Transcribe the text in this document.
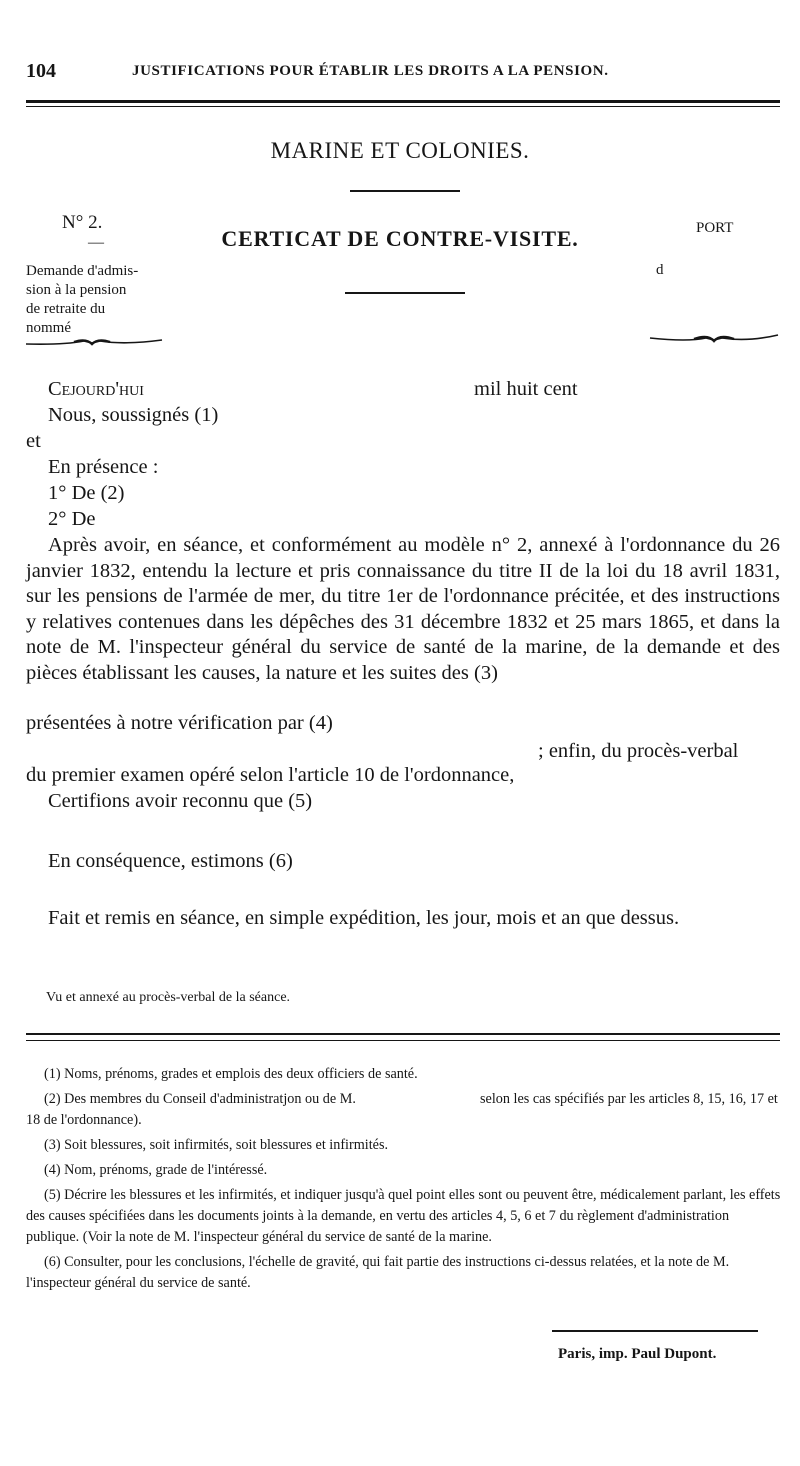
104	JUSTIFICATIONS POUR ÉTABLIR LES DROITS A LA PENSION.
MARINE ET COLONIES.
CERTICAT DE CONTRE-VISITE.
N° 2.
—
Demande d'admis-
sion à la pension
de retraite du
nommé
PORT
d
Cejourd'hui	mil huit cent
Nous, soussignés (1)
et
En présence :
1° De (2)
2° De

Après avoir, en séance, et conformément au modèle n° 2, annexé à l'ordonnance du 26 janvier 1832, entendu la lecture et pris connaissance du titre II de la loi du 18 avril 1831, sur les pensions de l'armée de mer, du titre 1er de l'ordonnance précitée, et des instructions y relatives contenues dans les dépêches des 31 décembre 1832 et 25 mars 1865, et dans la note de M. l'inspecteur général du service de santé de la marine, de la demande et des pièces établissant les causes, la nature et les suites des (3)

présentées à notre vérification par (4)
; enfin, du procès-verbal
du premier examen opéré selon l'article 10 de l'ordonnance,
Certifions avoir reconnu que (5)
En conséquence, estimons (6)

Fait et remis en séance, en simple expédition, les jour, mois et an que dessus.

Vu et annexé au procès-verbal de la séance.

(1) Noms, prénoms, grades et emplois des deux officiers de santé.

(2) Des membres du Conseil d'administratjon ou de M.                                   selon les cas spécifiés par les articles 8, 15, 16, 17 et 18 de l'ordonnance).

(3) Soit blessures, soit infirmités, soit blessures et infirmités.

(4) Nom, prénoms, grade de l'intéressé.

(5) Décrire les blessures et les infirmités, et indiquer jusqu'à quel point elles sont ou peuvent être, médicalement parlant, les effets des causes spécifiées dans les documents joints à la demande, en vertu des articles 4, 5, 6 et 7 du règlement d'administration publique. (Voir la note de M. l'inspecteur général du service de santé de la marine.

(6) Consulter, pour les conclusions, l'échelle de gravité, qui fait partie des instructions ci-dessus relatées, et la note de M. l'inspecteur général du service de santé.

Paris, imp. Paul Dupont.
